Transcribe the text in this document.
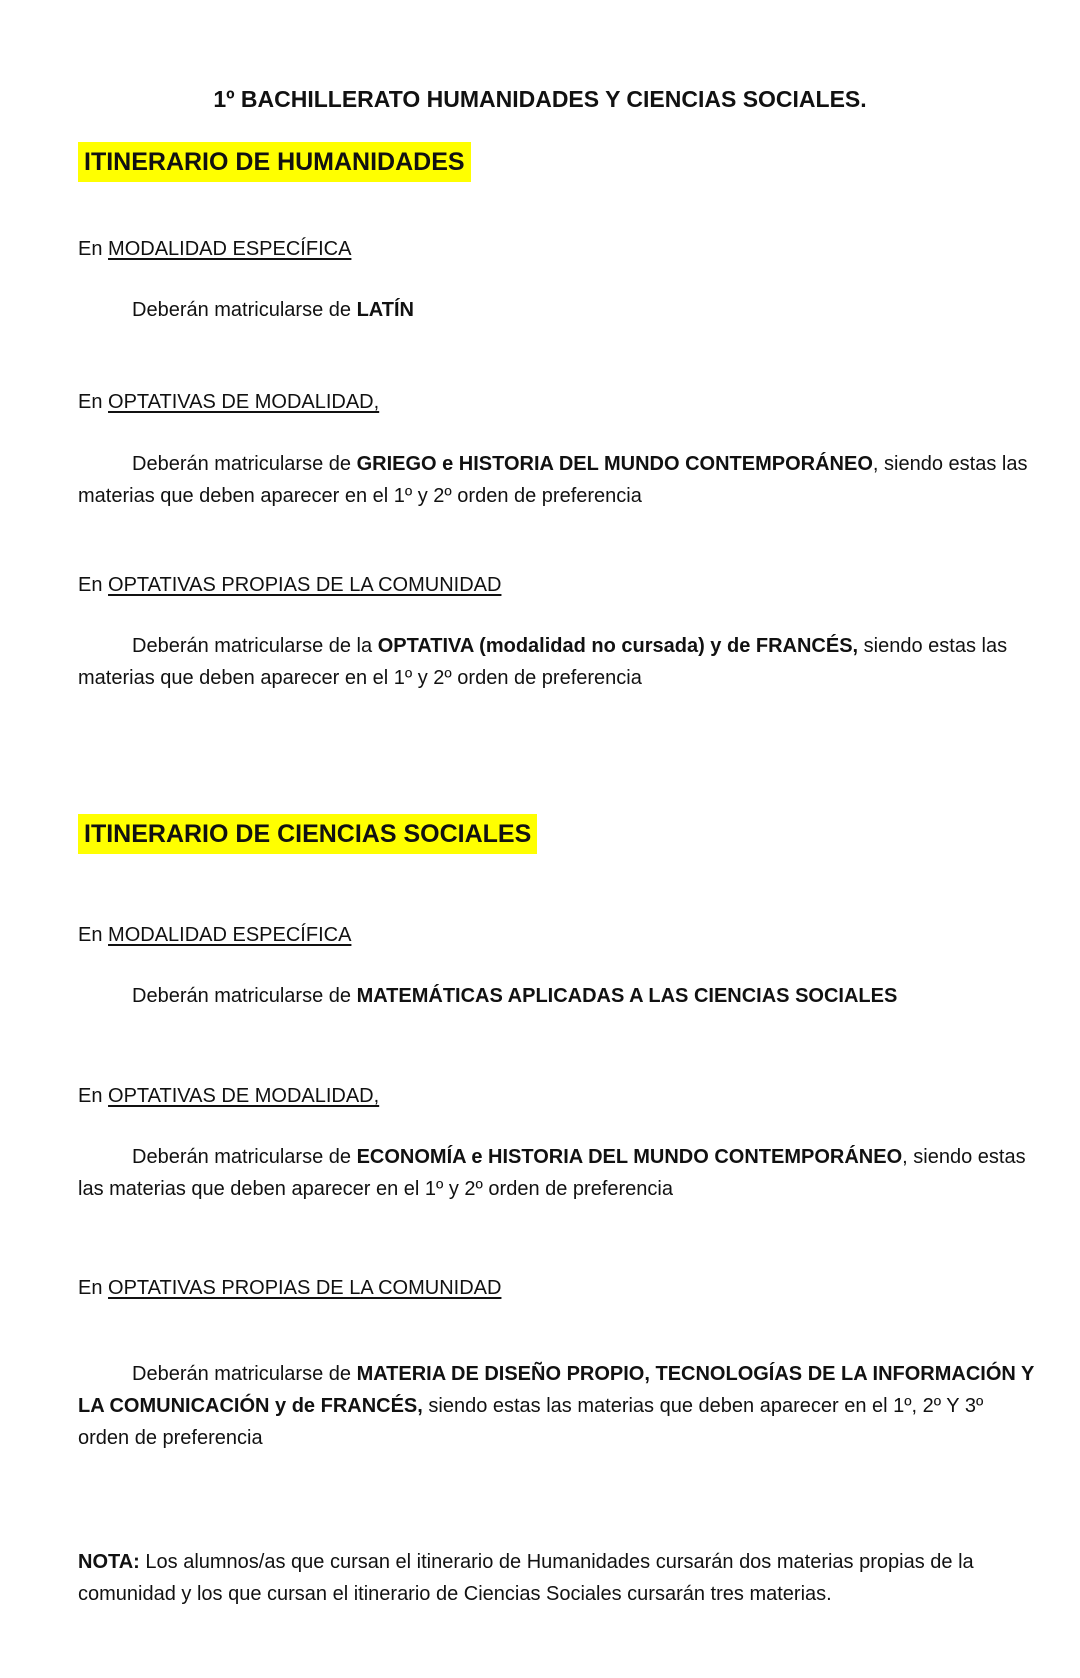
1º BACHILLERATO HUMANIDADES Y CIENCIAS SOCIALES.
ITINERARIO DE HUMANIDADES

En MODALIDAD ESPECÍFICA

Deberán matricularse de LATÍN

En OPTATIVAS DE MODALIDAD,

Deberán matricularse de GRIEGO e HISTORIA DEL MUNDO CONTEMPORÁNEO, siendo estas las materias que deben aparecer en el 1º y 2º orden de preferencia

En OPTATIVAS PROPIAS DE LA COMUNIDAD

Deberán matricularse de la OPTATIVA (modalidad no cursada) y de FRANCÉS, siendo estas las materias que deben aparecer en el 1º y 2º orden de preferencia

ITINERARIO DE CIENCIAS SOCIALES

En MODALIDAD ESPECÍFICA

Deberán matricularse de MATEMÁTICAS APLICADAS A LAS CIENCIAS SOCIALES

En OPTATIVAS DE MODALIDAD,

Deberán matricularse de ECONOMÍA e HISTORIA DEL MUNDO CONTEMPORÁNEO, siendo estas las materias que deben aparecer en el 1º y 2º orden de preferencia

En OPTATIVAS PROPIAS DE LA COMUNIDAD

Deberán matricularse de MATERIA DE DISEÑO PROPIO, TECNOLOGÍAS DE LA INFORMACIÓN Y LA COMUNICACIÓN y de FRANCÉS, siendo estas las materias que deben aparecer en el 1º, 2º Y 3º orden de preferencia

NOTA: Los alumnos/as que cursan el itinerario de Humanidades cursarán dos materias propias de la comunidad y los que cursan el itinerario de Ciencias Sociales cursarán tres materias.
